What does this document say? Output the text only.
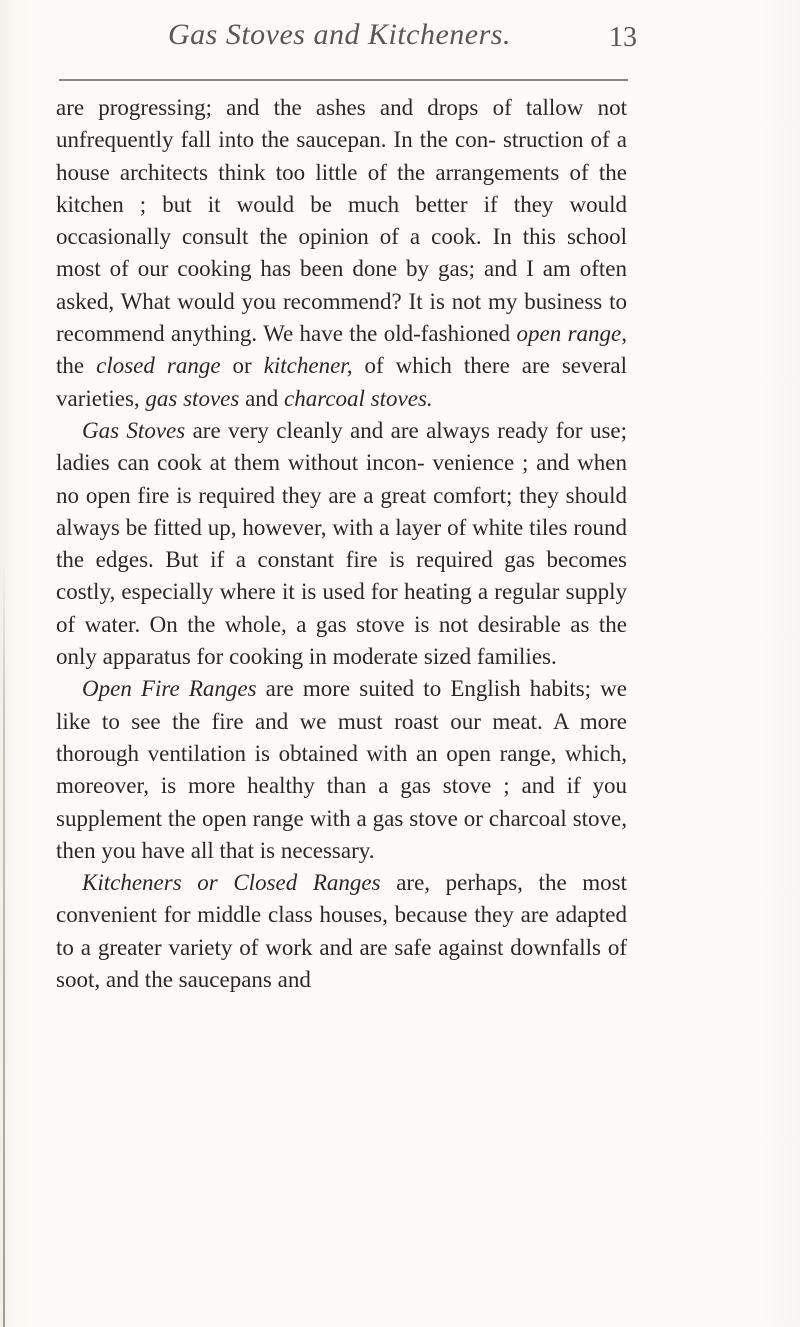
Gas Stoves and Kitcheners.	13

are progressing; and the ashes and drops of tallow not unfrequently fall into the saucepan. In the con- struction of a house architects think too little of the arrangements of the kitchen ; but it would be much better if they would occasionally consult the opinion of a cook. In this school most of our cooking has been done by gas; and I am often asked, What would you recommend? It is not my business to recommend anything. We have the old-fashioned open range, the closed range or kitchener, of which there are several varieties, gas stoves and charcoal stoves.

Gas Stoves are very cleanly and are always ready for use; ladies can cook at them without incon- venience ; and when no open fire is required they are a great comfort; they should always be fitted up, however, with a layer of white tiles round the edges. But if a constant fire is required gas becomes costly, especially where it is used for heating a regular supply of water. On the whole, a gas stove is not desirable as the only apparatus for cooking in moderate sized families.

Open Fire Ranges are more suited to English habits; we like to see the fire and we must roast our meat. A more thorough ventilation is obtained with an open range, which, moreover, is more healthy than a gas stove ; and if you supplement the open range with a gas stove or charcoal stove, then you have all that is necessary.

Kitcheners or Closed Ranges are, perhaps, the most convenient for middle class houses, because they are adapted to a greater variety of work and are safe against downfalls of soot, and the saucepans and
